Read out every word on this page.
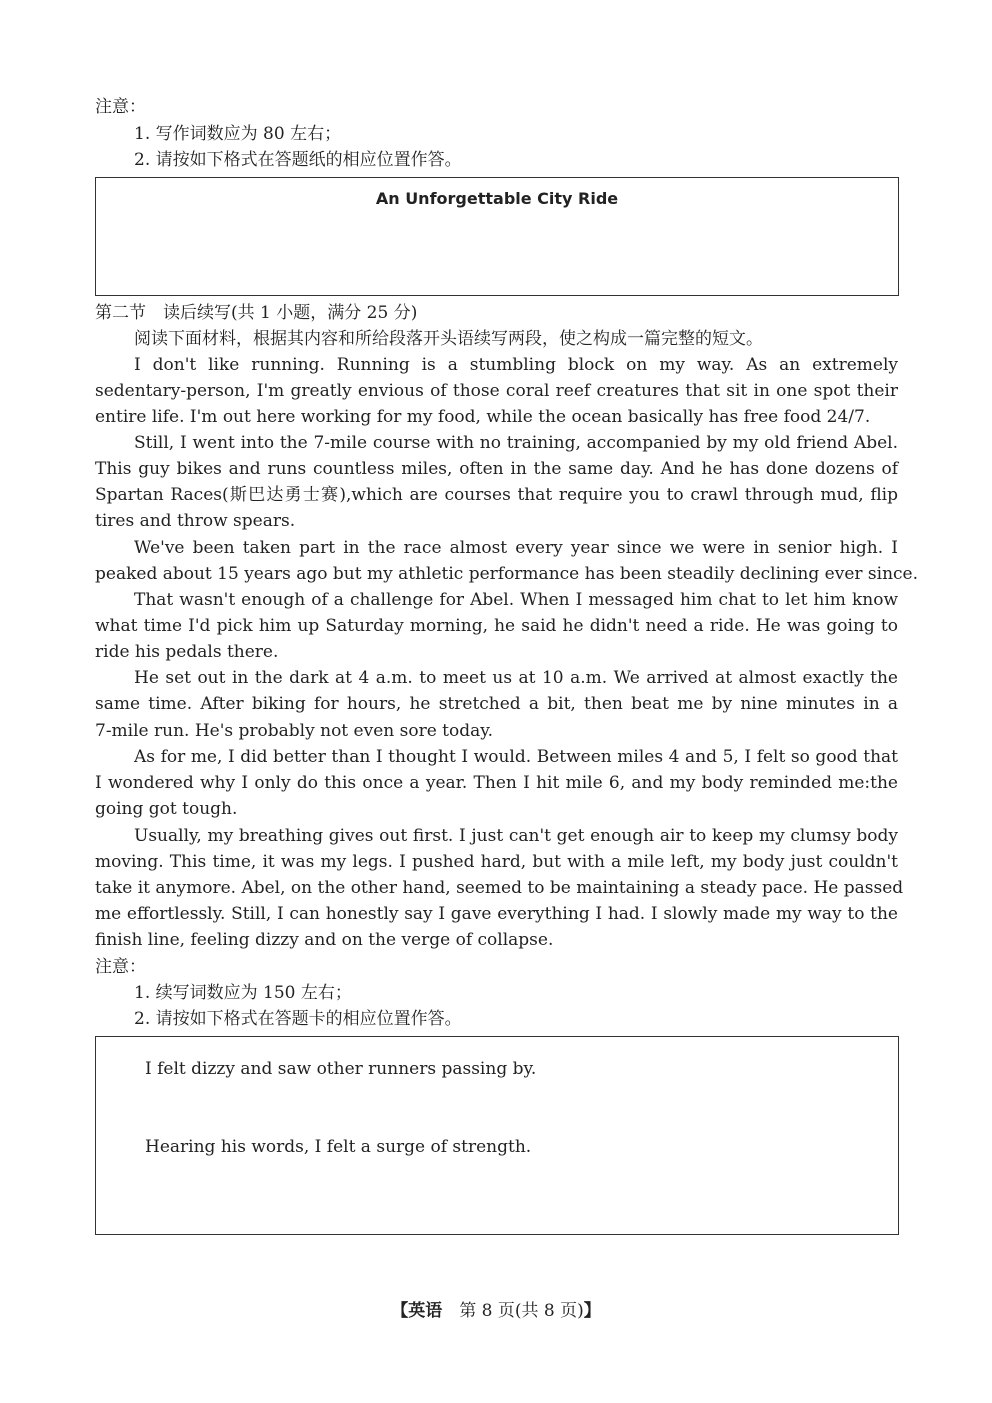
注意：
1. 写作词数应为 80 左右；
2. 请按如下格式在答题纸的相应位置作答。
An Unforgettable City Ride
第二节　读后续写(共 1 小题，满分 25 分)
阅读下面材料，根据其内容和所给段落开头语续写两段，使之构成一篇完整的短文。
I don't like running. Running is a stumbling block on my way. As an extremely
sedentary-person, I'm greatly envious of those coral reef creatures that sit in one spot their
entire life. I'm out here working for my food, while the ocean basically has free food 24/7.
Still, I went into the 7-mile course with no training, accompanied by my old friend Abel.
This guy bikes and runs countless miles, often in the same day. And he has done dozens of
Spartan Races(斯巴达勇士赛),which are courses that require you to crawl through mud, flip
tires and throw spears.
We've been taken part in the race almost every year since we were in senior high. I
peaked about 15 years ago but my athletic performance has been steadily declining ever since.
That wasn't enough of a challenge for Abel. When I messaged him chat to let him know
what time I'd pick him up Saturday morning, he said he didn't need a ride. He was going to
ride his pedals there.
He set out in the dark at 4 a.m. to meet us at 10 a.m. We arrived at almost exactly the
same time. After biking for hours, he stretched a bit, then beat me by nine minutes in a
7-mile run. He's probably not even sore today.
As for me, I did better than I thought I would. Between miles 4 and 5, I felt so good that
I wondered why I only do this once a year. Then I hit mile 6, and my body reminded me:the
going got tough.
Usually, my breathing gives out first. I just can't get enough air to keep my clumsy body
moving. This time, it was my legs. I pushed hard, but with a mile left, my body just couldn't
take it anymore. Abel, on the other hand, seemed to be maintaining a steady pace. He passed
me effortlessly. Still, I can honestly say I gave everything I had. I slowly made my way to the
finish line, feeling dizzy and on the verge of collapse.
注意：
1. 续写词数应为 150 左右；
2. 请按如下格式在答题卡的相应位置作答。
I felt dizzy and saw other runners passing by.
Hearing his words, I felt a surge of strength.
【英语　 第 8 页(共 8 页)】
